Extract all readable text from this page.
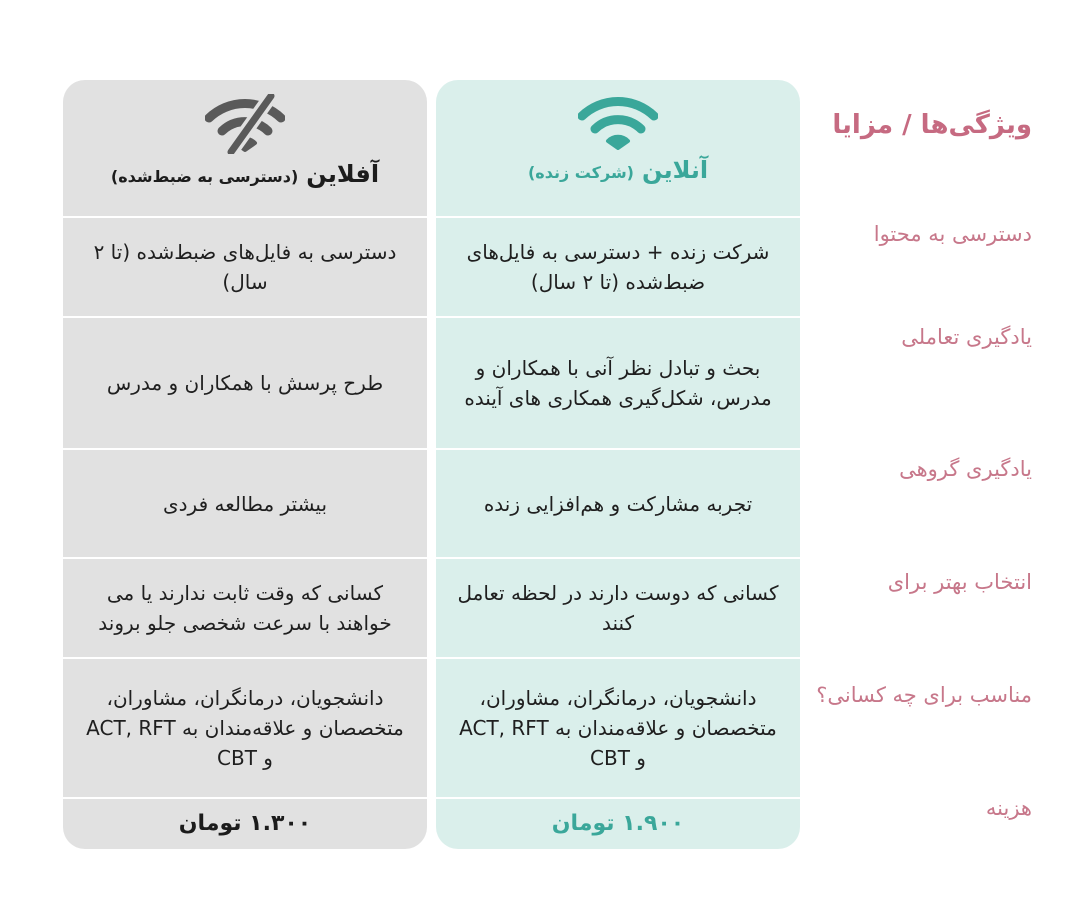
ویژگی‌ها / مزایا
دسترسی به محتوا
یادگیری تعاملی
یادگیری گروهی
انتخاب بهتر برای
مناسب برای چه کسانی؟
هزینه
آنلاین
(شرکت زنده)
شرکت زنده + دسترسی به فایل‌های ضبط‌شده (تا ۲ سال)
بحث و تبادل نظر آنی با همکاران و مدرس، شکل‌گیری همکاری های آینده
تجربه مشارکت و هم‌افزایی زنده
کسانی که دوست دارند در لحظه تعامل کنند
دانشجویان، درمانگران، مشاوران، متخصصان و علاقه‌مندان به ACT, RFT و CBT
۱.۹۰۰ تومان
آفلاین
(دسترسی به ضبط‌شده)
دسترسی به فایل‌های ضبط‌شده (تا ۲ سال)
طرح پرسش با همکاران و مدرس
بیشتر مطالعه فردی
کسانی که وقت ثابت ندارند یا می خواهند با سرعت شخصی جلو بروند
دانشجویان، درمانگران، مشاوران، متخصصان و علاقه‌مندان به ACT, RFT و CBT
۱.۳۰۰ تومان
